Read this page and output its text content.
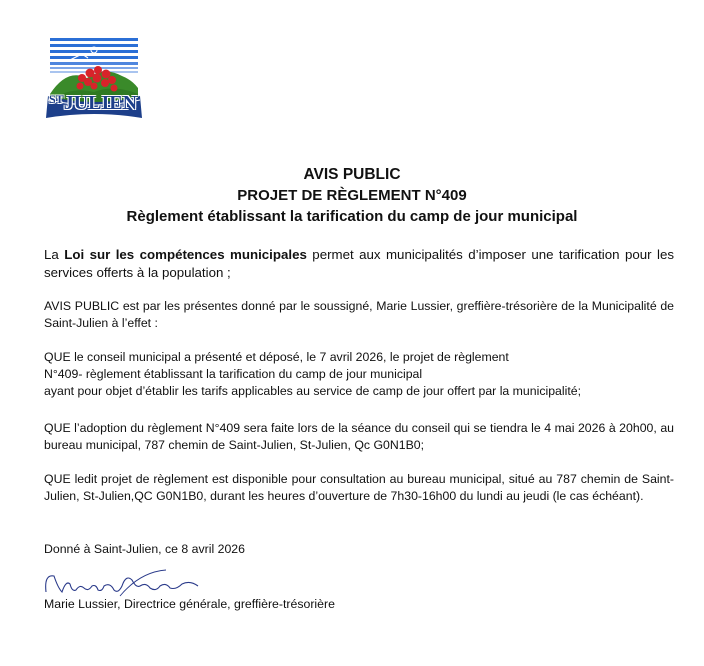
$^{ST}$JULIEN
AVIS PUBLIC
PROJET DE RÈGLEMENT N°409
Règlement établissant la tarification du camp de jour municipal
La Loi sur les compétences municipales permet aux municipalités d’imposer une tarification pour les services offerts à la population ;
AVIS PUBLIC est par les présentes donné par le soussigné, Marie Lussier, greffière-trésorière de la Municipalité de Saint-Julien à l’effet :
QUE le conseil municipal a présenté et déposé, le 7 avril 2026, le projet de règlement
N°409- règlement établissant la tarification du camp de jour municipal
ayant pour objet d’établir les tarifs applicables au service de camp de jour offert par la municipalité;
QUE l’adoption du règlement N°409 sera faite lors de la séance du conseil qui se tiendra le 4 mai 2026 à 20h00, au bureau municipal, 787 chemin de Saint-Julien, St-Julien, Qc G0N1B0;
QUE ledit projet de règlement est disponible pour consultation au bureau municipal, situé au 787 chemin de Saint-Julien, St-Julien,QC G0N1B0, durant les heures d’ouverture de 7h30-16h00 du lundi au jeudi (le cas échéant).
Donné à Saint-Julien, ce 8 avril 2026
Marie Lussier, Directrice générale, greffière-trésorière
